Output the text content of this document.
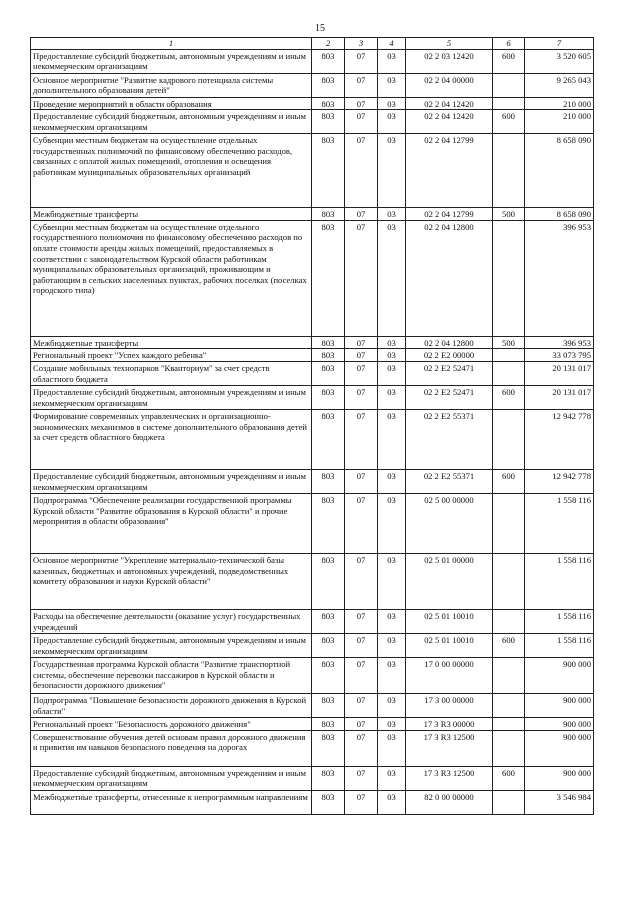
15
1	2	3	4	5	6	7
Предоставление субсидий бюджетным, автономным учреждениям и иным некоммерческим организациям	803	07	03	02 2 03 12420	600	3 520 605
Основное мероприятие "Развитие кадрового потенциала системы дополнительного образования детей"	803	07	03	02 2 04 00000		9 265 043
Проведение мероприятий в области образования	803	07	03	02 2 04 12420		210 000
Предоставление субсидий бюджетным, автономным учреждениям и иным некоммерческим организациям	803	07	03	02 2 04 12420	600	210 000
Субвенции местным бюджетам на осуществление отдельных государственных полномочий по финансовому обеспечению расходов, связанных с оплатой жилых помещений, отопления и освещения работникам муниципальных образовательных организаций	803	07	03	02 2 04 12799		8 658 090
Межбюджетные трансферты	803	07	03	02 2 04 12799	500	8 658 090
Субвенции местным бюджетам на осуществление отдельного государственного полномочия по финансовому обеспечению расходов по оплате стоимости аренды жилых помещений, предоставляемых в соответствии с законодательством Курской области работникам муниципальных образовательных организаций, проживающим и работающим в сельских населенных пунктах, рабочих поселках (поселках городского типа)	803	07	03	02 2 04 12800		396 953
Межбюджетные трансферты	803	07	03	02 2 04 12800	500	396 953
Региональный проект "Успех каждого ребенка"	803	07	03	02 2 E2 00000		33 073 795
Создание мобильных технопарков "Кванториум" за счет средств областного бюджета	803	07	03	02 2 E2 52471		20 131 017
Предоставление субсидий бюджетным, автономным учреждениям и иным некоммерческим организациям	803	07	03	02 2 E2 52471	600	20 131 017
Формирование современных управленческих и организационно-экономических механизмов в системе дополнительного образования детей за счет средств областного бюджета	803	07	03	02 2 E2 55371		12 942 778
Предоставление субсидий бюджетным, автономным учреждениям и иным некоммерческим организациям	803	07	03	02 2 E2 55371	600	12 942 778
Подпрограмма "Обеспечение реализации государственной программы Курской области "Развитие образования в Курской области" и прочие мероприятия в области образования"	803	07	03	02 5 00 00000		1 558 116
Основное мероприятие "Укрепление материально-технической базы казенных, бюджетных и автономных учреждений, подведомственных комитету образования и науки Курской области"	803	07	03	02 5 01 00000		1 558 116
Расходы на обеспечение деятельности (оказание услуг) государственных учреждений	803	07	03	02 5 01 10010		1 558 116
Предоставление субсидий бюджетным, автономным учреждениям и иным некоммерческим организациям	803	07	03	02 5 01 10010	600	1 558 116
Государственная программа Курской области "Развитие транспортной системы, обеспечение перевозки пассажиров в Курской области и безопасности дорожного движения"	803	07	03	17 0 00 00000		900 000
Подпрограмма "Повышение безопасности дорожного движения в Курской области"	803	07	03	17 3 00 00000		900 000
Региональный проект "Безопасность дорожного движения"	803	07	03	17 3 R3 00000		900 000
Совершенствование обучения детей основам правил дорожного движения и привития им навыков безопасного поведения на дорогах	803	07	03	17 3 R3 12500		900 000
Предоставление субсидий бюджетным, автономным учреждениям и иным некоммерческим организациям	803	07	03	17 3 R3 12500	600	900 000
Межбюджетные трансферты, отнесенные к непрограммным направлениям	803	07	03	82 0 00 00000		3 546 984
